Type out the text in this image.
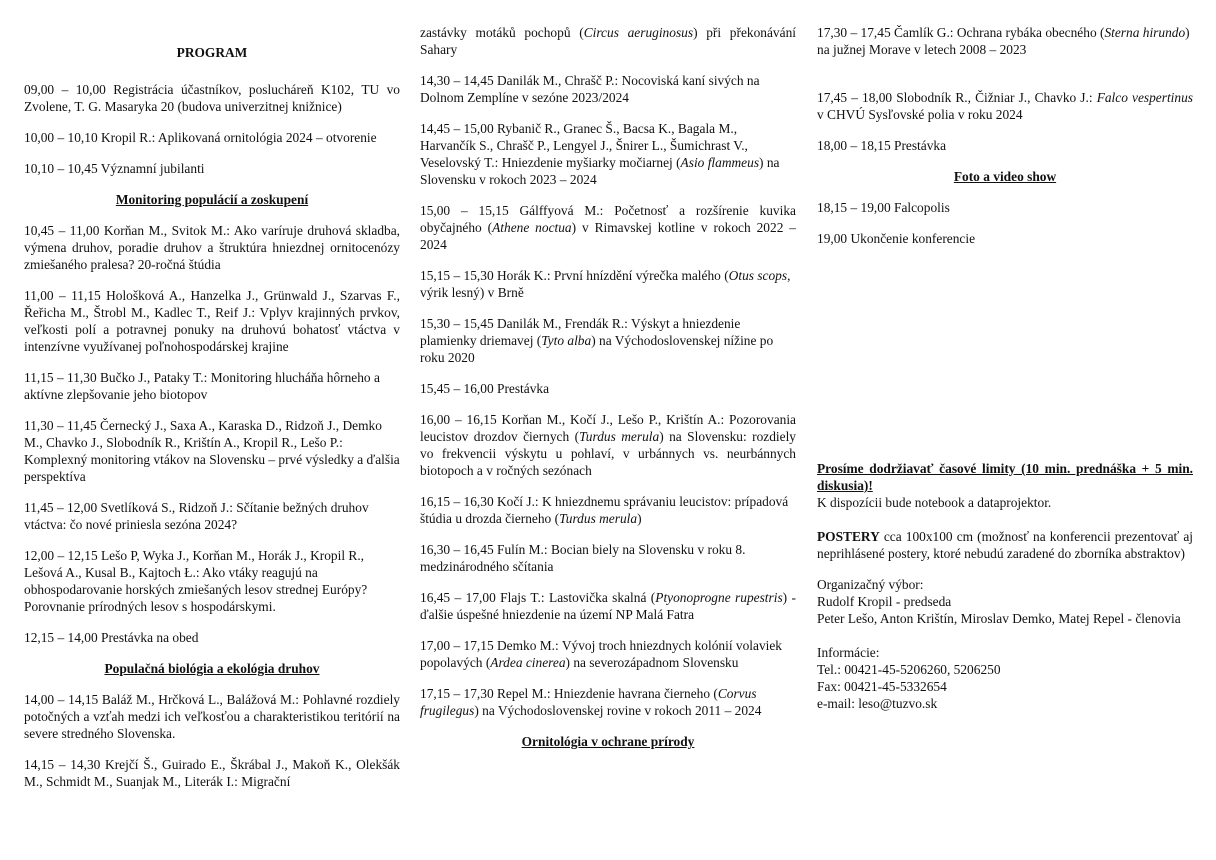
PROGRAM

09,00 – 10,00 Registrácia účastníkov, poslucháreň K102, TU vo Zvolene, T. G. Masaryka 20 (budova univerzitnej knižnice)

10,00 – 10,10 Kropil R.: Aplikovaná ornitológia 2024 – otvorenie

10,10 – 10,45 Významní jubilanti

Monitoring populácií a zoskupení

10,45 – 11,00 Korňan M., Svitok M.: Ako varíruje druhová skladba, výmena druhov, poradie druhov a štruktúra hniezdnej ornitocenózy zmiešaného pralesa? 20-ročná štúdia

11,00 – 11,15 Hološková A., Hanzelka J., Grünwald J., Szarvas F., Řeřicha M., Štrobl M., Kadlec T., Reif J.: Vplyv krajinných prvkov, veľkosti polí a potravnej ponuky na druhovú bohatosť vtáctva v intenzívne využívanej poľnohospodárskej krajine

11,15 – 11,30 Bučko J., Pataky T.: Monitoring hlucháňa hôrneho a aktívne zlepšovanie jeho biotopov

11,30 – 11,45 Černecký J., Saxa A., Karaska D., Ridzoň J., Demko M., Chavko J., Slobodník R., Krištín A., Kropil R., Lešo P.: Komplexný monitoring vtákov na Slovensku – prvé výsledky a ďalšia perspektíva

11,45 – 12,00 Svetlíková S., Ridzoň J.: Sčítanie bežných druhov vtáctva: čo nové priniesla sezóna 2024?

12,00 – 12,15 Lešo P, Wyka J., Korňan M., Horák J., Kropil R., Lešová A., Kusal B., Kajtoch Ł.: Ako vtáky reagujú na obhospodarovanie horských zmiešaných lesov strednej Európy? Porovnanie prírodných lesov s hospodárskymi.

12,15 – 14,00 Prestávka na obed

Populačná biológia a ekológia druhov

14,00 – 14,15 Baláž M., Hrčková L., Balážová M.: Pohlavné rozdiely potočných a vzťah medzi ich veľkosťou a charakteristikou teritórií na severe stredného Slovenska.

14,15 – 14,30 Krejčí Š., Guirado E., Škrábal J., Makoň K., Olekšák M., Schmidt M., Suanjak M., Literák I.: Migrační

zastávky motáků pochopů (Circus aeruginosus) při překonávání Sahary

14,30 – 14,45 Danilák M., Chrašč P.: Nocoviská kaní sivých na Dolnom Zemplíne v sezóne 2023/2024

14,45 – 15,00 Rybanič R., Granec Š., Bacsa K., Bagala M., Harvančík S., Chrašč P., Lengyel J., Šnirer L., Šumichrast V., Veselovský T.: Hniezdenie myšiarky močiarnej (Asio flammeus) na Slovensku v rokoch 2023 – 2024

15,00 – 15,15 Gálffyová M.: Početnosť a rozšírenie kuvika obyčajného (Athene noctua) v Rimavskej kotline v rokoch 2022 – 2024

15,15 – 15,30 Horák K.: První hnízdění výrečka malého (Otus scops, výrik lesný) v Brně

15,30 – 15,45 Danilák M., Frendák R.: Výskyt a hniezdenie plamienky driemavej (Tyto alba) na Východoslovenskej nížine po roku 2020

15,45 – 16,00 Prestávka

16,00 – 16,15 Korňan M., Kočí J., Lešo P., Krištín A.: Pozorovania leucistov drozdov čiernych (Turdus merula) na Slovensku: rozdiely vo frekvencii výskytu u pohlaví, v urbánnych vs. neurbánnych biotopoch a v ročných sezónach

16,15 – 16,30 Kočí J.: K hniezdnemu správaniu leucistov: prípadová štúdia u drozda čierneho (Turdus merula)

16,30 – 16,45 Fulín M.: Bocian biely na Slovensku v roku 8. medzinárodného sčítania

16,45 – 17,00 Flajs T.: Lastovička skalná (Ptyonoprogne rupestris) - ďalšie úspešné hniezdenie na území NP Malá Fatra

17,00 – 17,15 Demko M.: Vývoj troch hniezdnych kolónií volaviek popolavých (Ardea cinerea) na severozápadnom Slovensku

17,15 – 17,30 Repel M.: Hniezdenie havrana čierneho (Corvus frugilegus) na Východoslovenskej rovine v rokoch 2011 – 2024

Ornitológia v ochrane prírody

17,30 – 17,45 Čamlík G.: Ochrana rybáka obecného (Sterna hirundo) na južnej Morave v letech 2008 – 2023

17,45 – 18,00 Slobodník R., Čižniar J., Chavko J.: Falco vespertinus v CHVÚ Sysľovské polia v roku 2024

18,00 – 18,15 Prestávka

Foto a video show

18,15 – 19,00 Falcopolis

19,00 Ukončenie konferencie

Prosíme dodržiavať časové limity (10 min. prednáška + 5 min. diskusia)!
K dispozícii bude notebook a dataprojektor.

POSTERY cca 100x100 cm (možnosť na konferencii prezentovať aj neprihlásené postery, ktoré nebudú zaradené do zborníka abstraktov)

Organizačný výbor:
Rudolf Kropil - predseda
Peter Lešo, Anton Krištín, Miroslav Demko, Matej Repel - členovia
Informácie:
Tel.: 00421-45-5206260, 5206250
Fax: 00421-45-5332654
e-mail: leso@tuzvo.sk
